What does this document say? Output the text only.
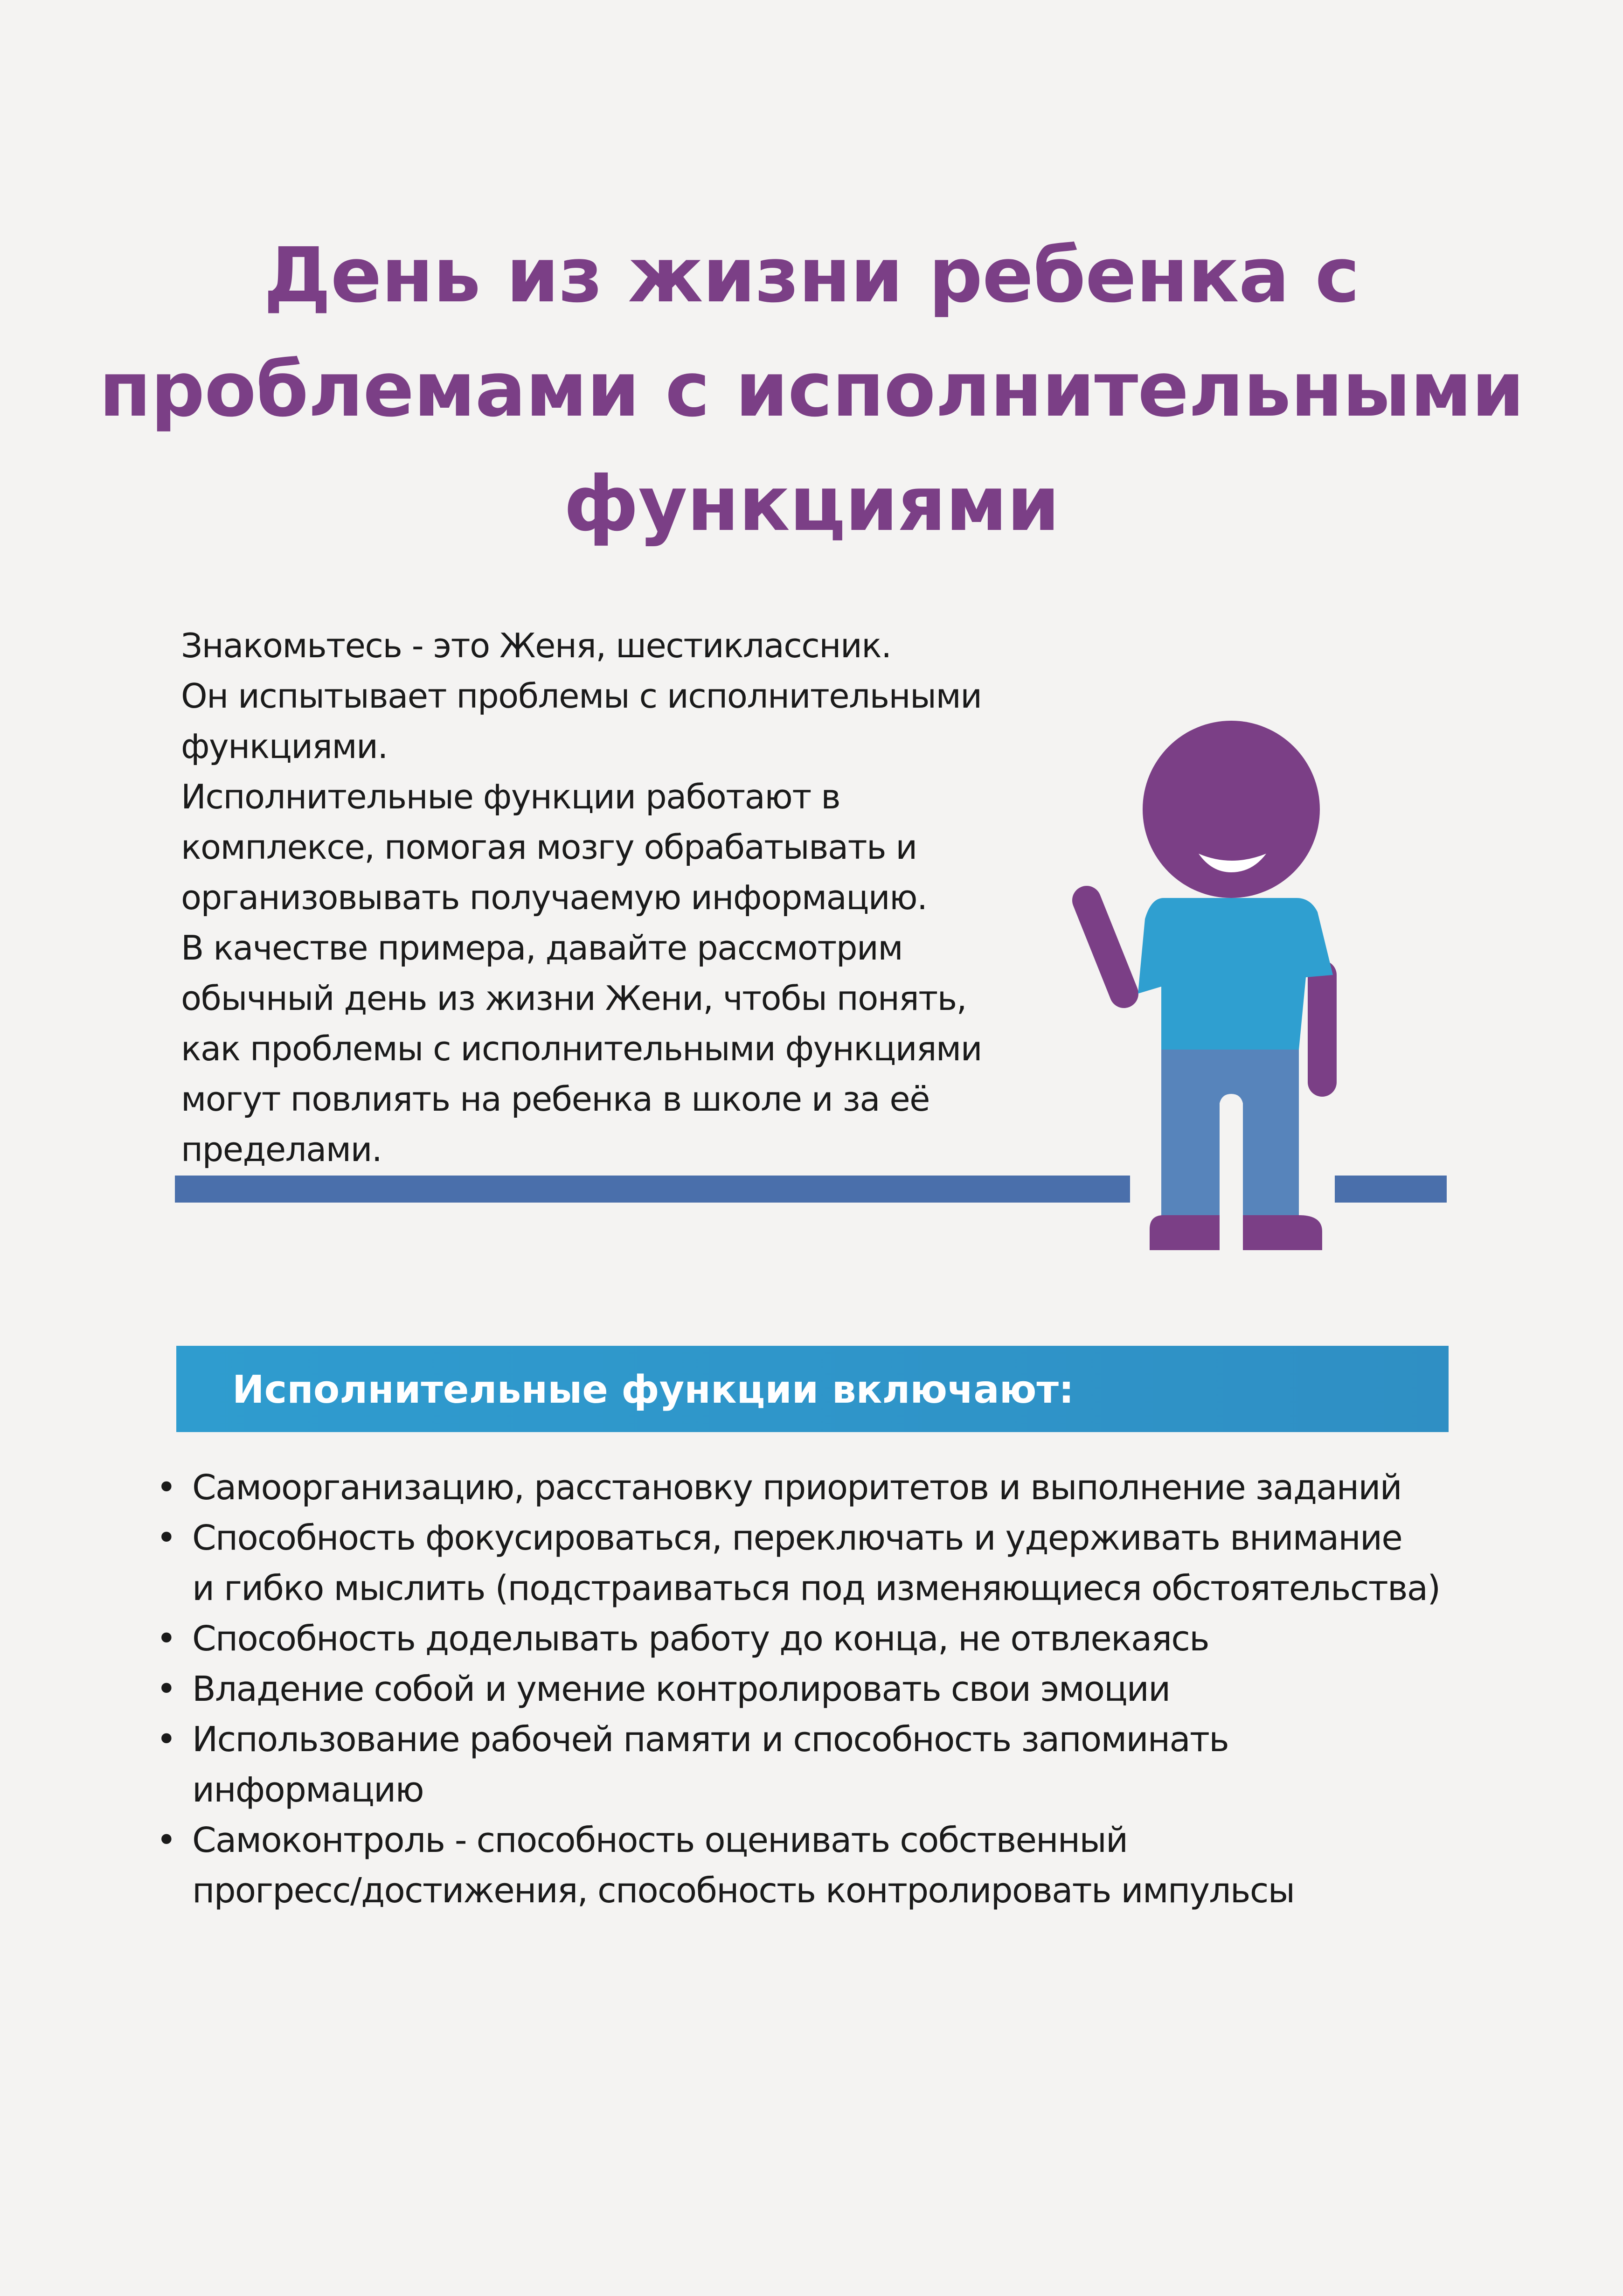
День из жизни ребенка с
проблемами с исполнительными
функциями
Знакомьтесь - это Женя, шестиклассник.
Он испытывает проблемы с исполнительными
функциями.
Исполнительные функции работают в
комплексе, помогая мозгу обрабатывать и
организовывать получаемую информацию.
В качестве примера, давайте рассмотрим
обычный день из жизни Жени, чтобы понять,
как проблемы с исполнительными функциями
могут повлиять на ребенка в школе и за её
пределами.
Исполнительные функции включают:
• Самоорганизацию, расстановку приоритетов и выполнение заданий
• Способность фокусироваться, переключать и удерживать внимание
и гибко мыслить (подстраиваться под изменяющиеся обстоятельства)
• Способность доделывать работу до конца, не отвлекаясь
• Владение собой и умение контролировать свои эмоции
• Использование рабочей памяти и способность запоминать
информацию
• Самоконтроль - способность оценивать собственный
прогресс/достижения, способность контролировать импульсы
